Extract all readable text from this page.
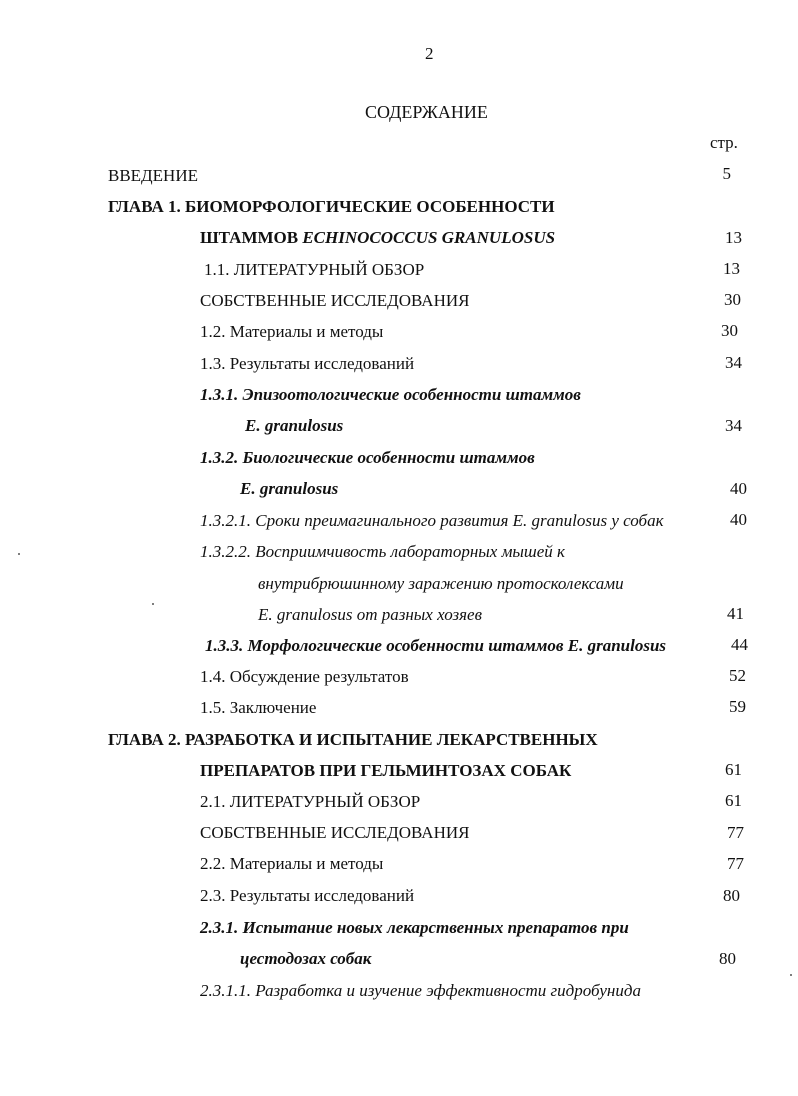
2
СОДЕРЖАНИЕ
стр.
ВВЕДЕНИЕ	5
ГЛАВА 1. БИОМОРФОЛОГИЧЕСКИЕ ОСОБЕННОСТИ
ШТАММОВ ECHINOCOCCUS GRANULOSUS	13
1.1. ЛИТЕРАТУРНЫЙ ОБЗОР	13
СОБСТВЕННЫЕ ИССЛЕДОВАНИЯ	30
1.2. Материалы и методы	30
1.3. Результаты исследований	34
1.3.1. Эпизоотологические особенности штаммов
E. granulosus	34
1.3.2. Биологические особенности штаммов
E. granulosus	40
1.3.2.1. Сроки преимагинального развития E. granulosus у собак	40
1.3.2.2. Восприимчивость лабораторных мышей к
внутрибрюшинному заражению протосколексами
E. granulosus от разных хозяев	41
1.3.3. Морфологические особенности штаммов E. granulosus	44
1.4. Обсуждение результатов	52
1.5. Заключение	59
ГЛАВА 2. РАЗРАБОТКА И ИСПЫТАНИЕ ЛЕКАРСТВЕННЫХ
ПРЕПАРАТОВ ПРИ ГЕЛЬМИНТОЗАХ СОБАК	61
2.1. ЛИТЕРАТУРНЫЙ ОБЗОР	61
СОБСТВЕННЫЕ ИССЛЕДОВАНИЯ	77
2.2. Материалы и методы	77
2.3. Результаты исследований	80
2.3.1. Испытание новых лекарственных препаратов при
цестодозах собак	80
2.3.1.1. Разработка и изучение эффективности гидробунида
